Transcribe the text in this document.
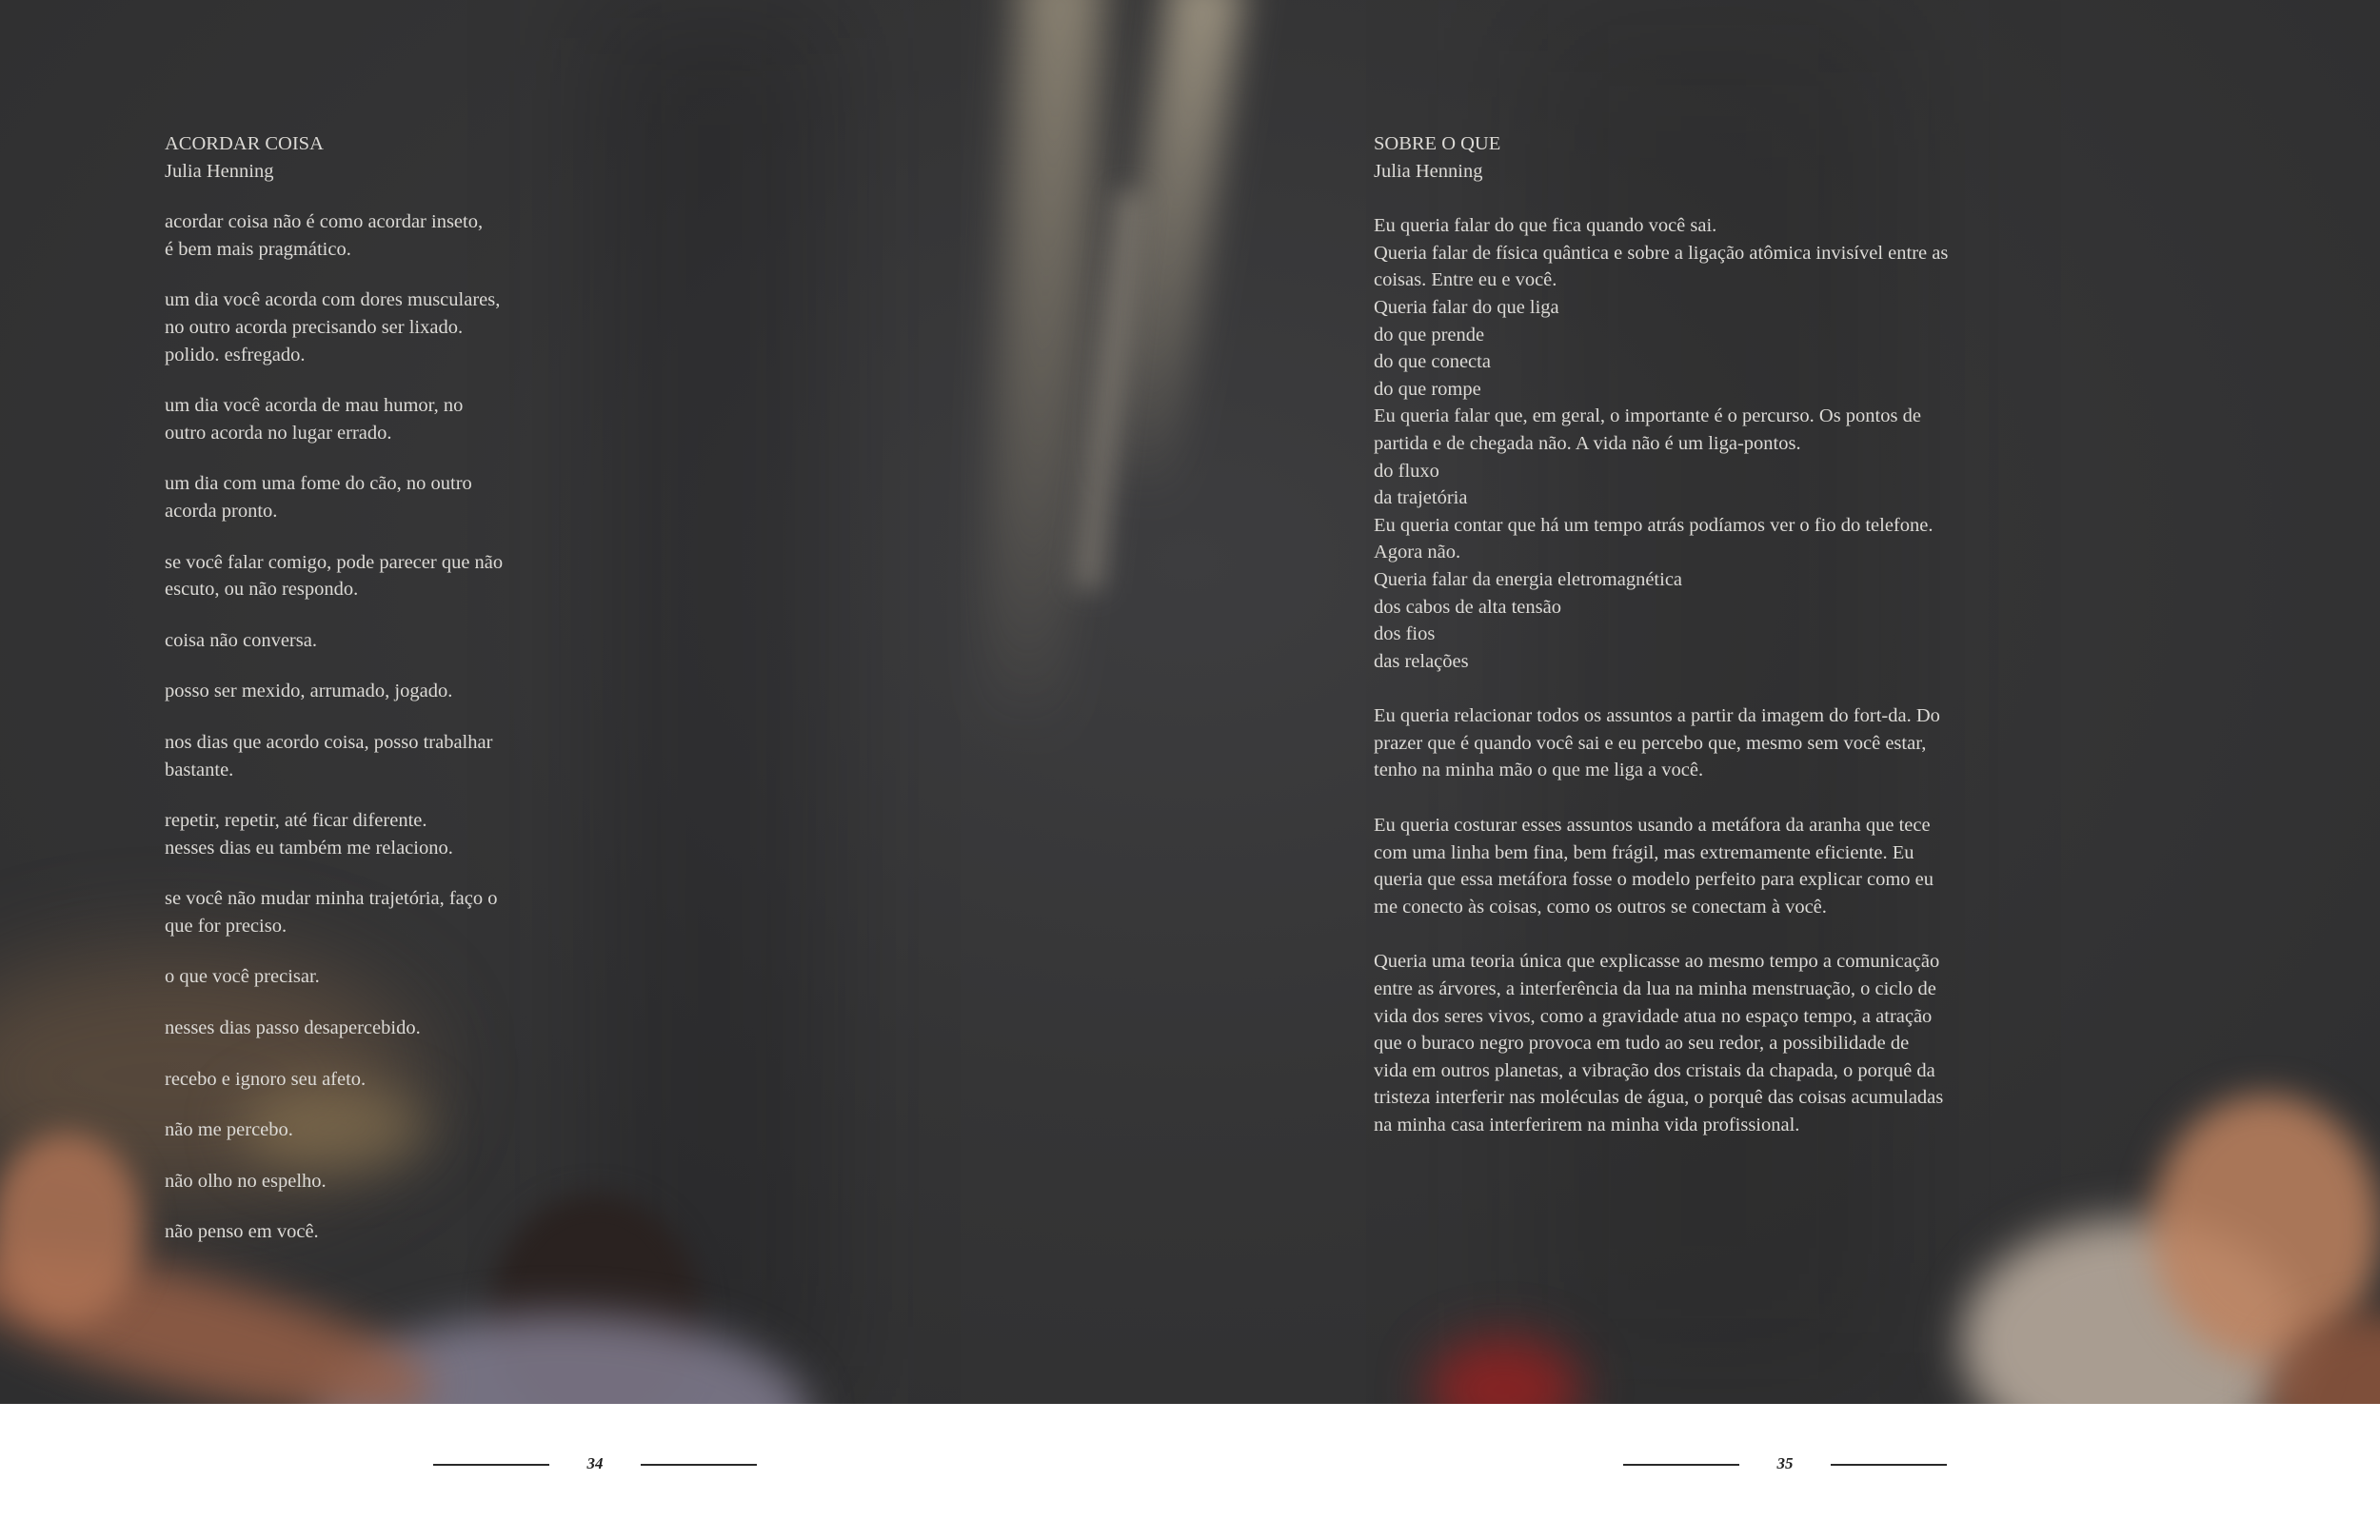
ACORDAR COISA
Julia Henning
acordar coisa não é como acordar inseto,
é bem mais pragmático.
um dia você acorda com dores musculares,
no outro acorda precisando ser lixado.
polido. esfregado.
um dia você acorda de mau humor, no
outro acorda no lugar errado.
um dia com uma fome do cão, no outro
acorda pronto.
se você falar comigo, pode parecer que não
escuto, ou não respondo.
coisa não conversa.
posso ser mexido, arrumado, jogado.
nos dias que acordo coisa, posso trabalhar
bastante.
repetir, repetir, até ficar diferente.
nesses dias eu também me relaciono.
se você não mudar minha trajetória, faço o
que for preciso.
o que você precisar.
nesses dias passo desapercebido.
recebo e ignoro seu afeto.
não me percebo.
não olho no espelho.
não penso em você.
SOBRE O QUE
Julia Henning
Eu queria falar do que fica quando você sai.
Queria falar de física quântica e sobre a ligação atômica invisível entre as
coisas. Entre eu e você.
Queria falar do que liga
do que prende
do que conecta
do que rompe
Eu queria falar que, em geral, o importante é o percurso. Os pontos de
partida e de chegada não. A vida não é um liga-pontos.
do fluxo
da trajetória
Eu queria contar que há um tempo atrás podíamos ver o fio do telefone.
Agora não.
Queria falar da energia eletromagnética
dos cabos de alta tensão
dos fios
das relações
Eu queria relacionar todos os assuntos a partir da imagem do fort-da. Do
prazer que é quando você sai e eu percebo que, mesmo sem você estar,
tenho na minha mão o que me liga a você.
Eu queria costurar esses assuntos usando a metáfora da aranha que tece
com uma linha bem fina, bem frágil, mas extremamente eficiente. Eu
queria que essa metáfora fosse o modelo perfeito para explicar como eu
me conecto às coisas, como os outros se conectam à você.
Queria uma teoria única que explicasse ao mesmo tempo a comunicação
entre as árvores, a interferência da lua na minha menstruação, o ciclo de
vida dos seres vivos, como a gravidade atua no espaço tempo, a atração
que o buraco negro provoca em tudo ao seu redor, a possibilidade de
vida em outros planetas, a vibração dos cristais da chapada, o porquê da
tristeza interferir nas moléculas de água, o porquê das coisas acumuladas
na minha casa interferirem na minha vida profissional.
34	35
